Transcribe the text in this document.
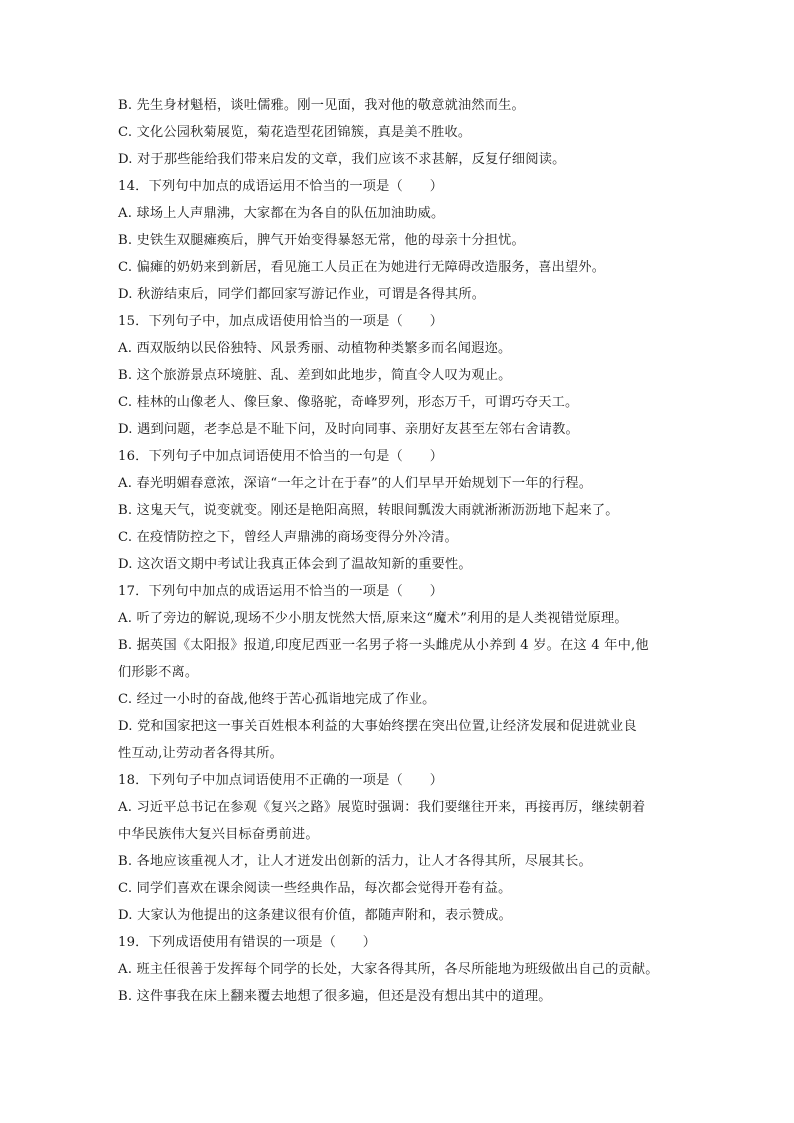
B. 先生身材魁梧，谈吐儒雅。刚一见面，我对他的敬意就油然而生。
C. 文化公园秋菊展览，菊花造型花团锦簇，真是美不胜收。
D. 对于那些能给我们带来启发的文章，我们应该不求甚解，反复仔细阅读。
14．下列句中加点的成语运用不恰当的一项是（　　）
A. 球场上人声鼎沸，大家都在为各自的队伍加油助威。
B. 史铁生双腿瘫痪后，脾气开始变得暴怒无常，他的母亲十分担忧。
C. 偏瘫的奶奶来到新居，看见施工人员正在为她进行无障碍改造服务，喜出望外。
D. 秋游结束后，同学们都回家写游记作业，可谓是各得其所。
15．下列句子中，加点成语使用恰当的一项是（　　）
A. 西双版纳以民俗独特、风景秀丽、动植物种类繁多而名闻遐迩。
B. 这个旅游景点环境脏、乱、差到如此地步，简直令人叹为观止。
C. 桂林的山像老人、像巨象、像骆驼，奇峰罗列，形态万千，可谓巧夺天工。
D. 遇到问题，老李总是不耻下问，及时向同事、亲朋好友甚至左邻右舍请教。
16．下列句子中加点词语使用不恰当的一句是（　　）
A. 春光明媚春意浓，深谙“一年之计在于春”的人们早早开始规划下一年的行程。
B. 这鬼天气，说变就变。刚还是艳阳高照，转眼间瓢泼大雨就淅淅沥沥地下起来了。
C. 在疫情防控之下，曾经人声鼎沸的商场变得分外冷清。
D. 这次语文期中考试让我真正体会到了温故知新的重要性。
17．下列句中加点的成语运用不恰当的一项是（　　）
A. 听了旁边的解说,现场不少小朋友恍然大悟,原来这“魔术”利用的是人类视错觉原理。
B. 据英国《太阳报》报道,印度尼西亚一名男子将一头雌虎从小养到 4 岁。在这 4 年中,他
们形影不离。
C. 经过一小时的奋战,他终于苦心孤诣地完成了作业。
D. 党和国家把这一事关百姓根本利益的大事始终摆在突出位置,让经济发展和促进就业良
性互动,让劳动者各得其所。
18．下列句子中加点词语使用不正确的一项是（　　）
A. 习近平总书记在参观《复兴之路》展览时强调：我们要继往开来，再接再厉，继续朝着
中华民族伟大复兴目标奋勇前进。
B. 各地应该重视人才，让人才迸发出创新的活力，让人才各得其所，尽展其长。
C. 同学们喜欢在课余阅读一些经典作品，每次都会觉得开卷有益。
D. 大家认为他提出的这条建议很有价值，都随声附和，表示赞成。
19．下列成语使用有错误的一项是（　　）
A. 班主任很善于发挥每个同学的长处，大家各得其所，各尽所能地为班级做出自己的贡献。
B. 这件事我在床上翻来覆去地想了很多遍，但还是没有想出其中的道理。
